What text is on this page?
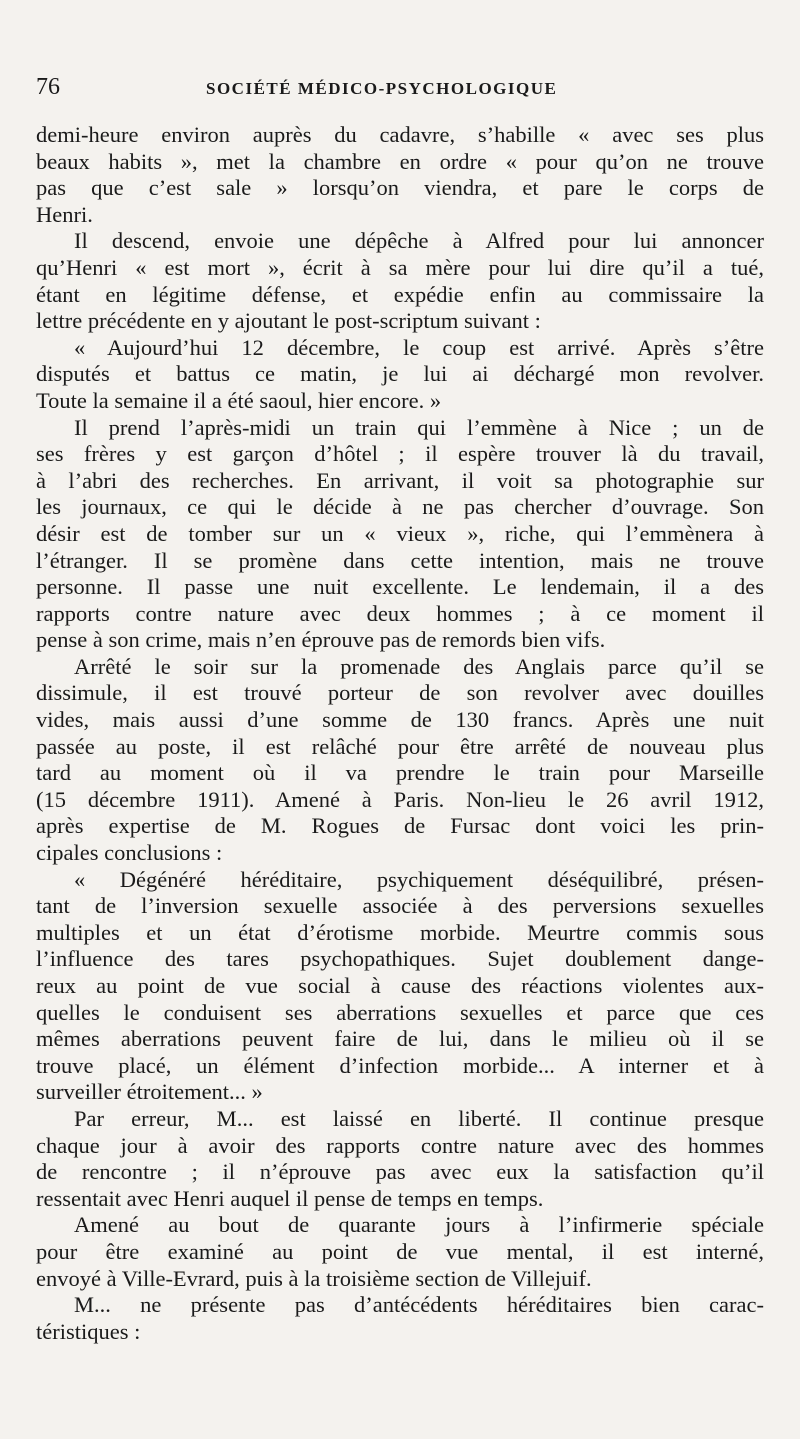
76	SOCIÉTÉ MÉDICO-PSYCHOLOGIQUE
demi-heure environ auprès du cadavre, s’habille « avec ses plus
beaux habits », met la chambre en ordre « pour qu’on ne trouve
pas que c’est sale » lorsqu’on viendra, et pare le corps de
Henri.
Il descend, envoie une dépêche à Alfred pour lui annoncer
qu’Henri « est mort », écrit à sa mère pour lui dire qu’il a tué,
étant en légitime défense, et expédie enfin au commissaire la
lettre précédente en y ajoutant le post-scriptum suivant :
« Aujourd’hui 12 décembre, le coup est arrivé. Après s’être
disputés et battus ce matin, je lui ai déchargé mon revolver.
Toute la semaine il a été saoul, hier encore. »
Il prend l’après-midi un train qui l’emmène à Nice ; un de
ses frères y est garçon d’hôtel ; il espère trouver là du travail,
à l’abri des recherches. En arrivant, il voit sa photographie sur
les journaux, ce qui le décide à ne pas chercher d’ouvrage. Son
désir est de tomber sur un « vieux », riche, qui l’emmènera à
l’étranger. Il se promène dans cette intention, mais ne trouve
personne. Il passe une nuit excellente. Le lendemain, il a des
rapports contre nature avec deux hommes ; à ce moment il
pense à son crime, mais n’en éprouve pas de remords bien vifs.
Arrêté le soir sur la promenade des Anglais parce qu’il se
dissimule, il est trouvé porteur de son revolver avec douilles
vides, mais aussi d’une somme de 130 francs. Après une nuit
passée au poste, il est relâché pour être arrêté de nouveau plus
tard au moment où il va prendre le train pour Marseille
(15 décembre 1911). Amené à Paris. Non-lieu le 26 avril 1912,
après expertise de M. Rogues de Fursac dont voici les prin-
cipales conclusions :
« Dégénéré héréditaire, psychiquement déséquilibré, présen-
tant de l’inversion sexuelle associée à des perversions sexuelles
multiples et un état d’érotisme morbide. Meurtre commis sous
l’influence des tares psychopathiques. Sujet doublement dange-
reux au point de vue social à cause des réactions violentes aux-
quelles le conduisent ses aberrations sexuelles et parce que ces
mêmes aberrations peuvent faire de lui, dans le milieu où il se
trouve placé, un élément d’infection morbide... A interner et à
surveiller étroitement... »
Par erreur, M... est laissé en liberté. Il continue presque
chaque jour à avoir des rapports contre nature avec des hommes
de rencontre ; il n’éprouve pas avec eux la satisfaction qu’il
ressentait avec Henri auquel il pense de temps en temps.
Amené au bout de quarante jours à l’infirmerie spéciale
pour être examiné au point de vue mental, il est interné,
envoyé à Ville-Evrard, puis à la troisième section de Villejuif.
M... ne présente pas d’antécédents héréditaires bien carac-
téristiques :
